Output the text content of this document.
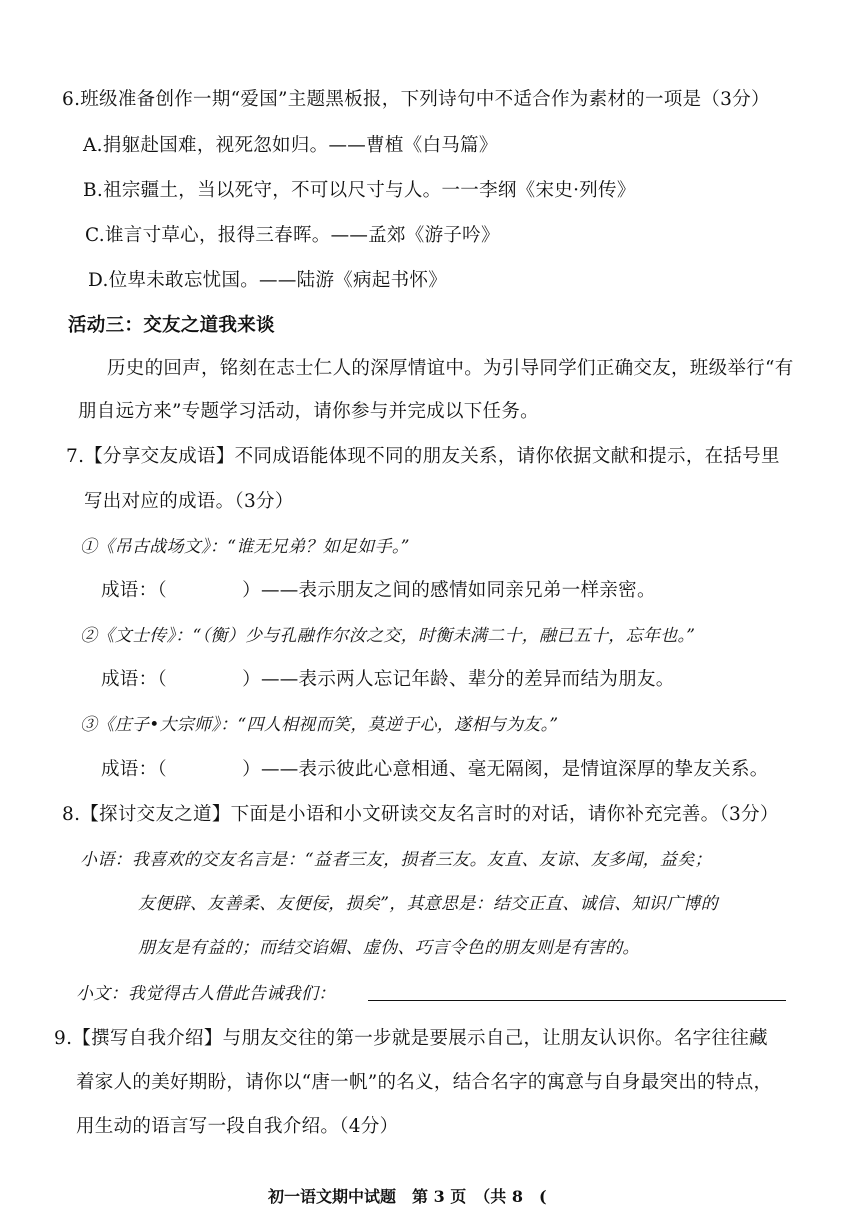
6.班级准备创作一期“爱国”主题黑板报，下列诗句中不适合作为素材的一项是（3分）
A.捐躯赴国难，视死忽如归。——曹植《白马篇》
B.祖宗疆土，当以死守，不可以尺寸与人。一一李纲《宋史·列传》
C.谁言寸草心，报得三春晖。——孟郊《游子吟》
D.位卑未敢忘忧国。——陆游《病起书怀》
活动三：交友之道我来谈
历史的回声，铭刻在志士仁人的深厚情谊中。为引导同学们正确交友，班级举行“有
朋自远方来”专题学习活动，请你参与并完成以下任务。
7.【分享交友成语】不同成语能体现不同的朋友关系，请你依据文献和提示，在括号里
写出对应的成语。（3分）
①《吊古战场文》：“谁无兄弟？如足如手。”
成语：（　　　　）——表示朋友之间的感情如同亲兄弟一样亲密。
②《文士传》：“（衡）少与孔融作尔汝之交，时衡未满二十，融已五十，忘年也。”
成语：（　　　　）——表示两人忘记年龄、辈分的差异而结为朋友。
③《庄子•大宗师》：“四人相视而笑，莫逆于心，遂相与为友。”
成语：（　　　　）——表示彼此心意相通、毫无隔阂，是情谊深厚的挚友关系。
8.【探讨交友之道】下面是小语和小文研读交友名言时的对话，请你补充完善。（3分）
小语：我喜欢的交友名言是：“益者三友，损者三友。友直、友谅、友多闻，益矣；
友便辟、友善柔、友便佞，损矣”，其意思是：结交正直、诚信、知识广博的
朋友是有益的；而结交谄媚、虚伪、巧言令色的朋友则是有害的。
小文：我觉得古人借此告诫我们：
9.【撰写自我介绍】与朋友交往的第一步就是要展示自己，让朋友认识你。名字往往藏
着家人的美好期盼，请你以“唐一帆”的名义，结合名字的寓意与自身最突出的特点，
用生动的语言写一段自我介绍。（4分）
初一语文期中试题　第 3 页　（共 8　(
